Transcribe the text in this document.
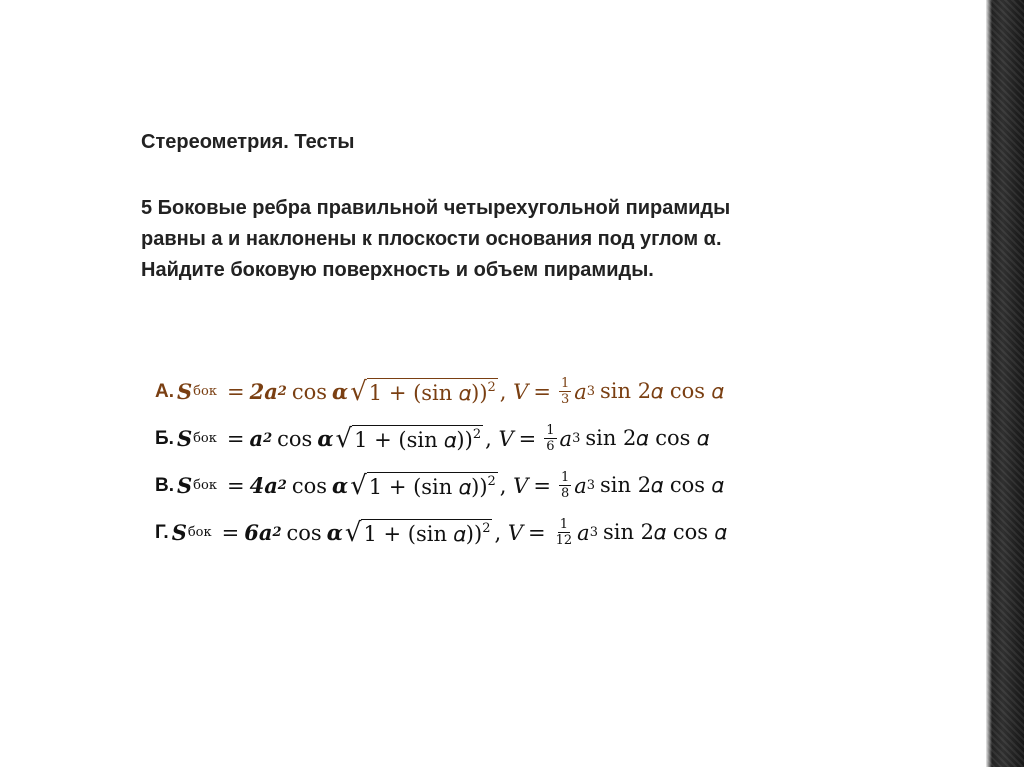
Стереометрия. Тесты
5 Боковые ребра правильной четырехугольной пирамиды
равны а и наклонены к плоскости основания под углом α.
Найдите боковую поверхность и объем пирамиды.
А. 𝑺 бок = 2 𝒂 2 cos 𝜶 √ 1 + (sin 𝛼))$^2$ , 𝑉 = $\frac{1}{3}$ 𝑎 3 sin 2𝛼 cos 𝛼
Б. 𝑺 бок = 𝒂 2 cos 𝜶 √ 1 + (sin 𝛼))$^2$ , 𝑉 = $\frac{1}{6}$ 𝑎 3 sin 2𝛼 cos 𝛼
В. 𝑺 бок = 4 𝒂 2 cos 𝜶 √ 1 + (sin 𝛼))$^2$ , 𝑉 = $\frac{1}{8}$ 𝑎 3 sin 2𝛼 cos 𝛼
Г. 𝑺 бок = 6 𝒂 2 cos 𝜶 √ 1 + (sin 𝛼))$^2$ , 𝑉 = $\frac{1}{12}$ 𝑎 3 sin 2𝛼 cos 𝛼
